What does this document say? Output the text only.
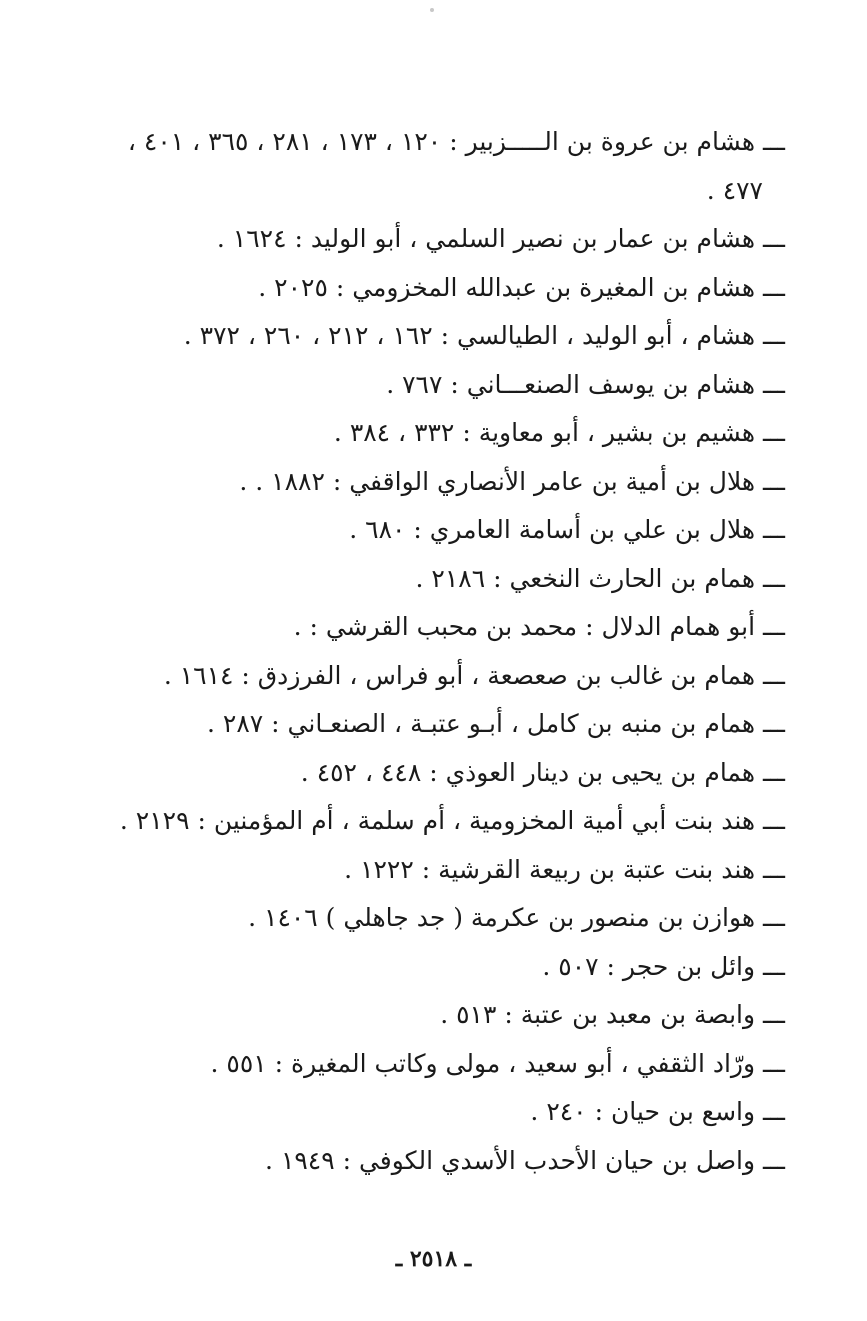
ـــ هشام بن عروة بن الـــــزبير : ١٢٠ ، ١٧٣ ، ٢٨١ ، ٣٦٥ ، ٤٠١ ،
٤٧٧ .
ـــ هشام بن عمار بن نصير السلمي ، أبو الوليد : ١٦٢٤ .
ـــ هشام بن المغيرة بن عبدالله المخزومي : ٢٠٢٥ .
ـــ هشام ، أبو الوليد ، الطيالسي : ١٦٢ ، ٢١٢ ، ٢٦٠ ، ٣٧٢ .
ـــ هشام بن يوسف الصنعـــاني : ٧٦٧ .
ـــ هشيم بن بشير ، أبو معاوية : ٣٣٢ ، ٣٨٤ .
ـــ هلال بن أمية بن عامر الأنصاري الواقفي : ١٨٨٢ . .
ـــ هلال بن علي بن أسامة العامري : ٦٨٠ .
ـــ همام بن الحارث النخعي : ٢١٨٦ .
ـــ أبو همام الدلال : محمد بن محبب القرشي : .
ـــ همام بن غالب بن صعصعة ، أبو فراس ، الفرزدق : ١٦١٤ .
ـــ همام بن منبه بن كامل ، أبـو عتبـة ، الصنعـاني : ٢٨٧ .
ـــ همام بن يحيى بن دينار العوذي : ٤٤٨ ، ٤٥٢ .
ـــ هند بنت أبي أمية المخزومية ، أم سلمة ، أم المؤمنين : ٢١٢٩ .
ـــ هند بنت عتبة بن ربيعة القرشية : ١٢٢٢ .
ـــ هوازن بن منصور بن عكرمة ( جد جاهلي ) ١٤٠٦ .
ـــ وائل بن حجر : ٥٠٧ .
ـــ وابصة بن معبد بن عتبة : ٥١٣ .
ـــ ورّاد الثقفي ، أبو سعيد ، مولى وكاتب المغيرة : ٥٥١ .
ـــ واسع بن حيان : ٢٤٠ .
ـــ واصل بن حيان الأحدب الأسدي الكوفي : ١٩٤٩ .
ـ ٢٥١٨ ـ
